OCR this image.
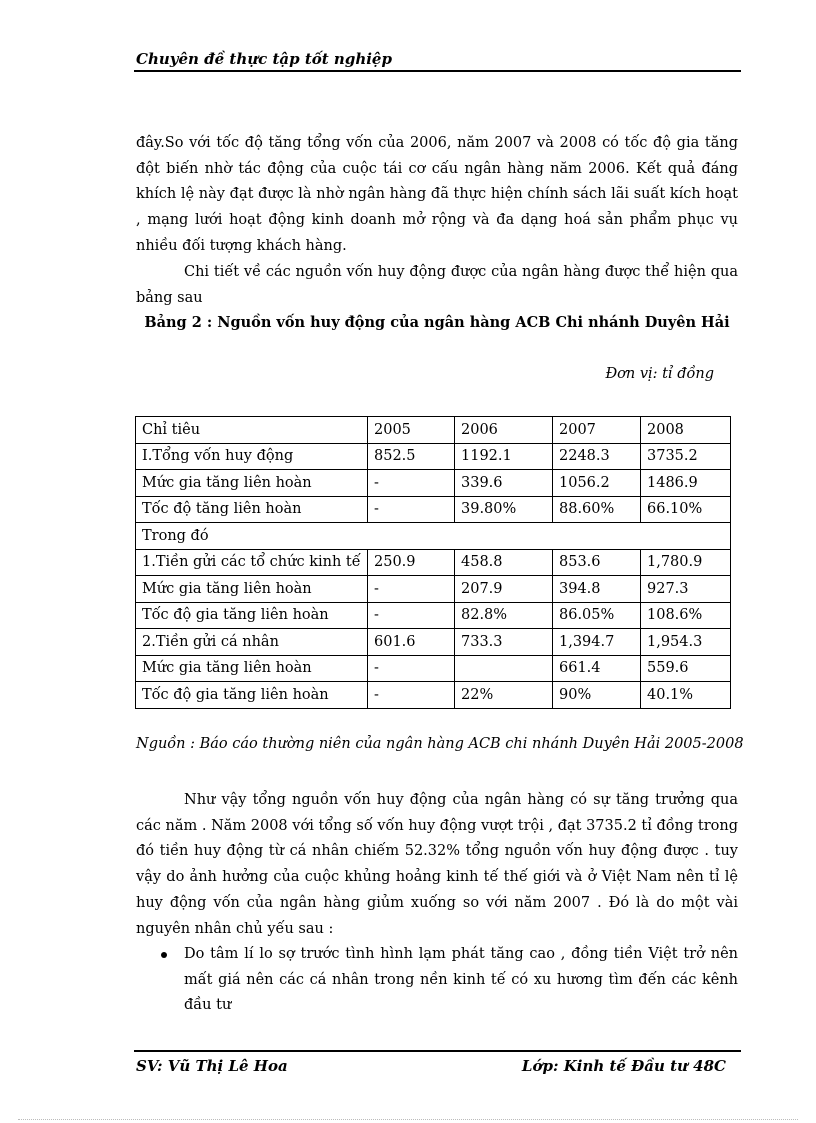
Chuyên đề thực tập tốt nghiệp
đây.So với tốc độ tăng tổng vốn của 2006, năm 2007 và 2008 có tốc độ gia tăng đột biến nhờ tác động của cuộc tái cơ cấu ngân hàng năm 2006. Kết quả đáng khích lệ này đạt được là nhờ ngân hàng đã thực hiện chính sách lãi suất kích hoạt , mạng lưới hoạt động kinh doanh mở rộng và đa dạng hoá sản phẩm phục vụ nhiều đối tượng khách hàng.
Chi tiết về các nguồn vốn huy động được của ngân hàng được thể hiện qua bảng sau
Bảng 2 : Nguồn vốn huy động của ngân hàng ACB Chi nhánh Duyên Hải
Đơn vị: tỉ đồng
Chỉ tiêu	2005	2006	2007	2008
I.Tổng vốn huy động	852.5	1192.1	2248.3	3735.2
Mức gia tăng liên hoàn	-	339.6	1056.2	1486.9
Tốc độ tăng liên hoàn	-	39.80%	88.60%	66.10%
Trong đó				
1.Tiền gửi các tổ chức kinh tế	250.9	458.8	853.6	1,780.9
Mức gia tăng liên hoàn	-	207.9	394.8	927.3
Tốc độ gia tăng liên hoàn	-	82.8%	86.05%	108.6%
2.Tiền gửi cá nhân	601.6	733.3	1,394.7	1,954.3
Mức gia tăng liên hoàn	-		661.4	559.6
Tốc độ gia tăng liên hoàn	-	22%	90%	40.1%
Nguồn : Báo cáo thường niên của ngân hàng ACB chi nhánh Duyên Hải 2005-2008
Như vậy tổng nguồn vốn huy động của ngân hàng có sự tăng trưởng qua các năm . Năm 2008 với tổng số vốn huy động vượt trội , đạt 3735.2 tỉ đồng trong đó tiền huy động từ cá nhân chiếm 52.32% tổng nguồn vốn huy động được . tuy vậy do ảnh hưởng của cuộc khủng hoảng kinh tế thế giới và ở Việt Nam nên tỉ lệ huy động vốn của ngân hàng giủm xuống so với năm 2007 . Đó là do một vài nguyên nhân chủ yếu sau :
Do tâm lí lo sợ trước tình hình lạm phát tăng cao , đồng tiền Việt trở nên mất giá nên các cá nhân trong nền kinh tế có xu hương tìm đến các kênh đầu tư
SV: Vũ Thị Lê Hoa	Lớp: Kinh tế Đầu tư 48C
